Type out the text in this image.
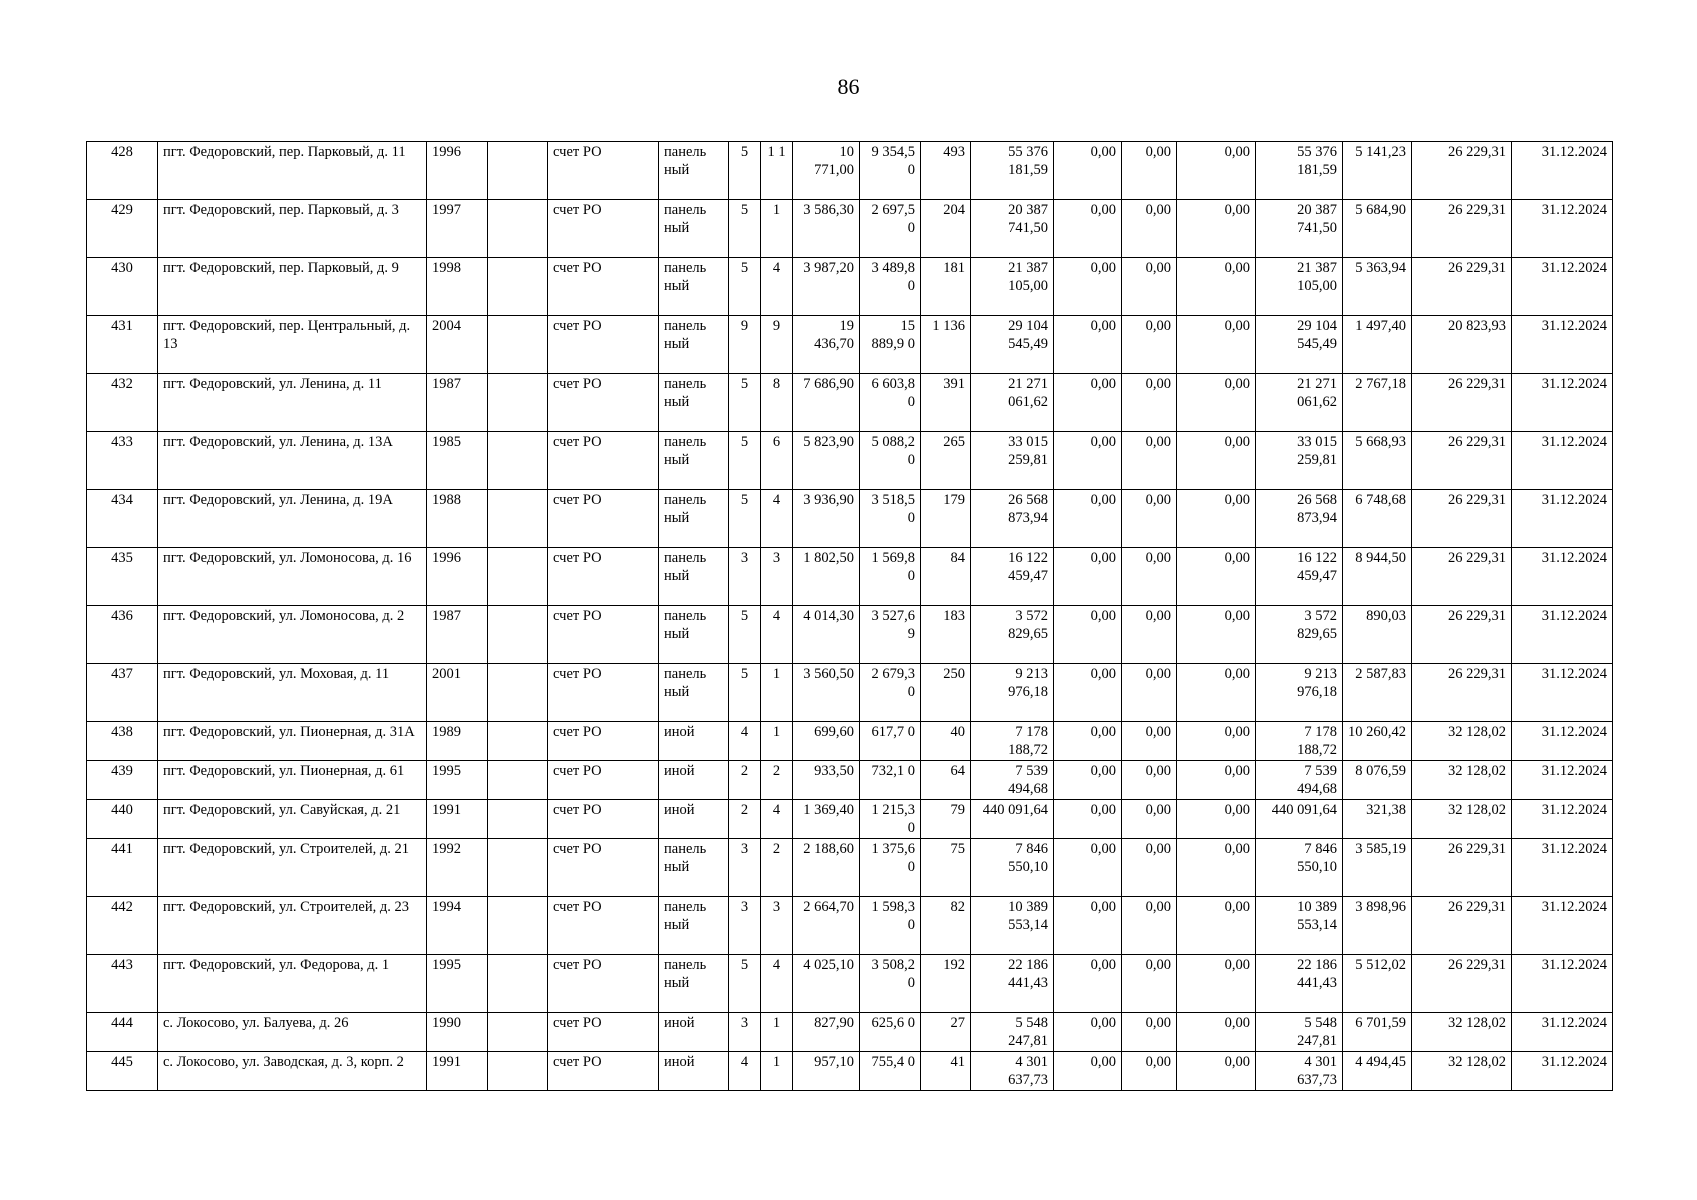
86
428	пгт. Федоровский, пер. Парковый, д. 11	1996		счет РО	панель ный	5	1 1	10 771,00	9 354,5 0	493	55 376 181,59	0,00	0,00	0,00	55 376 181,59	5 141,23	26 229,31	31.12.2024
429	пгт. Федоровский, пер. Парковый, д. 3	1997		счет РО	панель ный	5	1	3 586,30	2 697,5 0	204	20 387 741,50	0,00	0,00	0,00	20 387 741,50	5 684,90	26 229,31	31.12.2024
430	пгт. Федоровский, пер. Парковый, д. 9	1998		счет РО	панель ный	5	4	3 987,20	3 489,8 0	181	21 387 105,00	0,00	0,00	0,00	21 387 105,00	5 363,94	26 229,31	31.12.2024
431	пгт. Федоровский, пер. Центральный, д. 13	2004		счет РО	панель ный	9	9	19 436,70	15 889,9 0	1 136	29 104 545,49	0,00	0,00	0,00	29 104 545,49	1 497,40	20 823,93	31.12.2024
432	пгт. Федоровский, ул. Ленина, д. 11	1987		счет РО	панель ный	5	8	7 686,90	6 603,8 0	391	21 271 061,62	0,00	0,00	0,00	21 271 061,62	2 767,18	26 229,31	31.12.2024
433	пгт. Федоровский, ул. Ленина, д. 13А	1985		счет РО	панель ный	5	6	5 823,90	5 088,2 0	265	33 015 259,81	0,00	0,00	0,00	33 015 259,81	5 668,93	26 229,31	31.12.2024
434	пгт. Федоровский, ул. Ленина, д. 19А	1988		счет РО	панель ный	5	4	3 936,90	3 518,5 0	179	26 568 873,94	0,00	0,00	0,00	26 568 873,94	6 748,68	26 229,31	31.12.2024
435	пгт. Федоровский, ул. Ломоносова, д. 16	1996		счет РО	панель ный	3	3	1 802,50	1 569,8 0	84	16 122 459,47	0,00	0,00	0,00	16 122 459,47	8 944,50	26 229,31	31.12.2024
436	пгт. Федоровский, ул. Ломоносова, д. 2	1987		счет РО	панель ный	5	4	4 014,30	3 527,6 9	183	3 572 829,65	0,00	0,00	0,00	3 572 829,65	890,03	26 229,31	31.12.2024
437	пгт. Федоровский, ул. Моховая, д. 11	2001		счет РО	панель ный	5	1	3 560,50	2 679,3 0	250	9 213 976,18	0,00	0,00	0,00	9 213 976,18	2 587,83	26 229,31	31.12.2024
438	пгт. Федоровский, ул. Пионерная, д. 31А	1989		счет РО	иной	4	1	699,60	617,7 0	40	7 178 188,72	0,00	0,00	0,00	7 178 188,72	10 260,42	32 128,02	31.12.2024
439	пгт. Федоровский, ул. Пионерная, д. 61	1995		счет РО	иной	2	2	933,50	732,1 0	64	7 539 494,68	0,00	0,00	0,00	7 539 494,68	8 076,59	32 128,02	31.12.2024
440	пгт. Федоровский, ул. Савуйская, д. 21	1991		счет РО	иной	2	4	1 369,40	1 215,3 0	79	440 091,64	0,00	0,00	0,00	440 091,64	321,38	32 128,02	31.12.2024
441	пгт. Федоровский, ул. Строителей, д. 21	1992		счет РО	панель ный	3	2	2 188,60	1 375,6 0	75	7 846 550,10	0,00	0,00	0,00	7 846 550,10	3 585,19	26 229,31	31.12.2024
442	пгт. Федоровский, ул. Строителей, д. 23	1994		счет РО	панель ный	3	3	2 664,70	1 598,3 0	82	10 389 553,14	0,00	0,00	0,00	10 389 553,14	3 898,96	26 229,31	31.12.2024
443	пгт. Федоровский, ул. Федорова, д. 1	1995		счет РО	панель ный	5	4	4 025,10	3 508,2 0	192	22 186 441,43	0,00	0,00	0,00	22 186 441,43	5 512,02	26 229,31	31.12.2024
444	с. Локосово, ул. Балуева, д. 26	1990		счет РО	иной	3	1	827,90	625,6 0	27	5 548 247,81	0,00	0,00	0,00	5 548 247,81	6 701,59	32 128,02	31.12.2024
445	с. Локосово, ул. Заводская, д. 3, корп. 2	1991		счет РО	иной	4	1	957,10	755,4 0	41	4 301 637,73	0,00	0,00	0,00	4 301 637,73	4 494,45	32 128,02	31.12.2024
